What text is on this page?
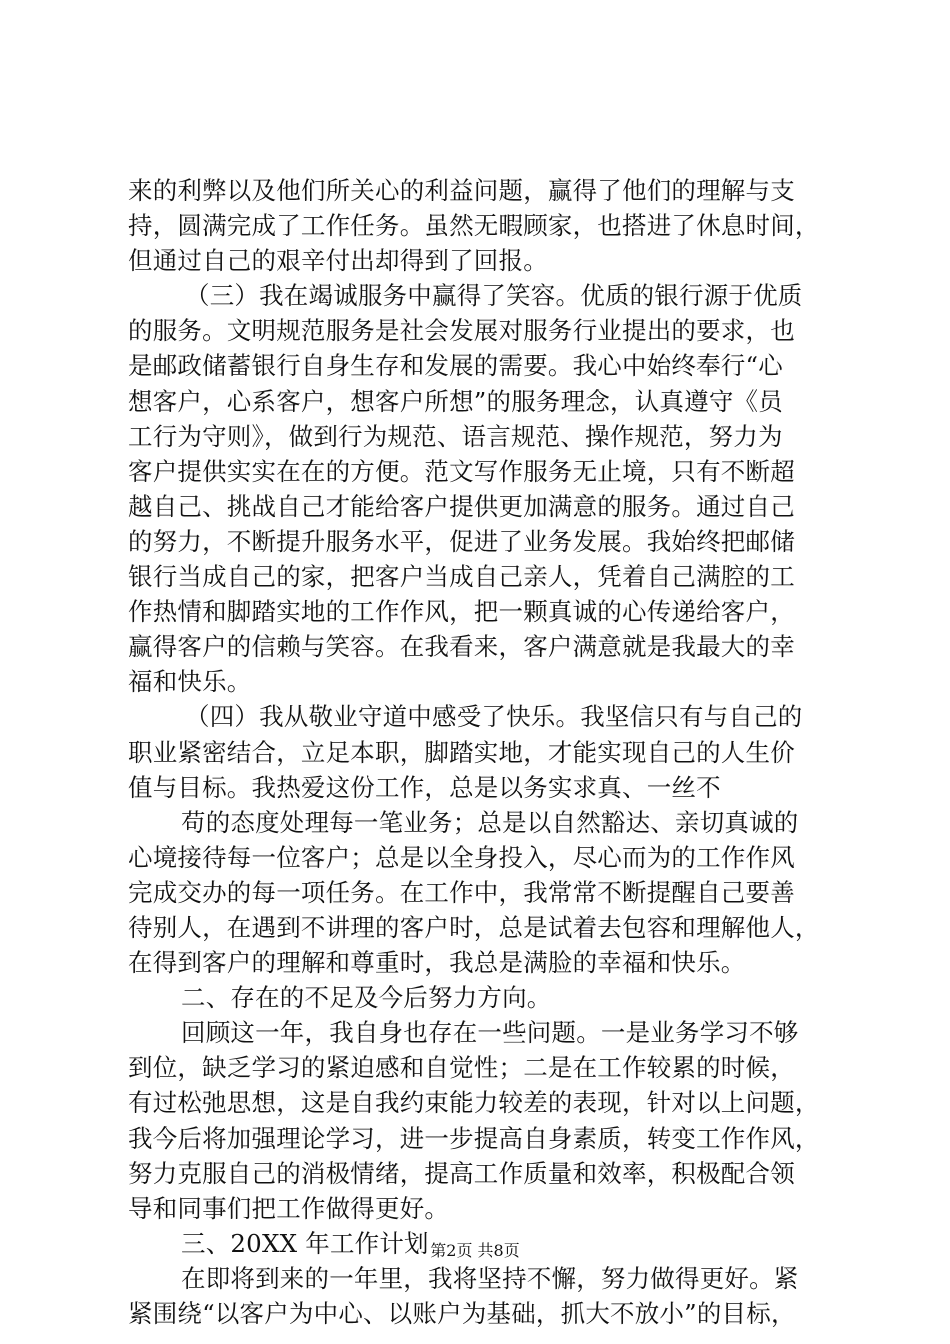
来的利弊以及他们所关心的利益问题，赢得了他们的理解与支
持，圆满完成了工作任务。虽然无暇顾家，也搭进了休息时间，
但通过自己的艰辛付出却得到了回报。
（三）我在竭诚服务中赢得了笑容。优质的银行源于优质
的服务。文明规范服务是社会发展对服务行业提出的要求，也
是邮政储蓄银行自身生存和发展的需要。我心中始终奉行“心
想客户，心系客户，想客户所想”的服务理念，认真遵守《员
工行为守则》，做到行为规范、语言规范、操作规范，努力为
客户提供实实在在的方便。范文写作服务无止境，只有不断超
越自己、挑战自己才能给客户提供更加满意的服务。通过自己
的努力，不断提升服务水平，促进了业务发展。我始终把邮储
银行当成自己的家，把客户当成自己亲人，凭着自己满腔的工
作热情和脚踏实地的工作作风，把一颗真诚的心传递给客户，
赢得客户的信赖与笑容。在我看来，客户满意就是我最大的幸
福和快乐。
（四）我从敬业守道中感受了快乐。我坚信只有与自己的
职业紧密结合，立足本职，脚踏实地，才能实现自己的人生价
值与目标。我热爱这份工作，总是以务实求真、一丝不
苟的态度处理每一笔业务；总是以自然豁达、亲切真诚的
心境接待每一位客户；总是以全身投入，尽心而为的工作作风
完成交办的每一项任务。在工作中，我常常不断提醒自己要善
待别人，在遇到不讲理的客户时，总是试着去包容和理解他人，
在得到客户的理解和尊重时，我总是满脸的幸福和快乐。
二、存在的不足及今后努力方向。
回顾这一年，我自身也存在一些问题。一是业务学习不够
到位，缺乏学习的紧迫感和自觉性；二是在工作较累的时候，
有过松弛思想，这是自我约束能力较差的表现，针对以上问题，
我今后将加强理论学习，进一步提高自身素质，转变工作作风，
努力克服自己的消极情绪，提高工作质量和效率，积极配合领
导和同事们把工作做得更好。
三、20XX 年工作计划
在即将到来的一年里，我将坚持不懈，努力做得更好。紧
紧围绕“以客户为中心、以账户为基础，抓大不放小”的目标，
第2页 共8页
